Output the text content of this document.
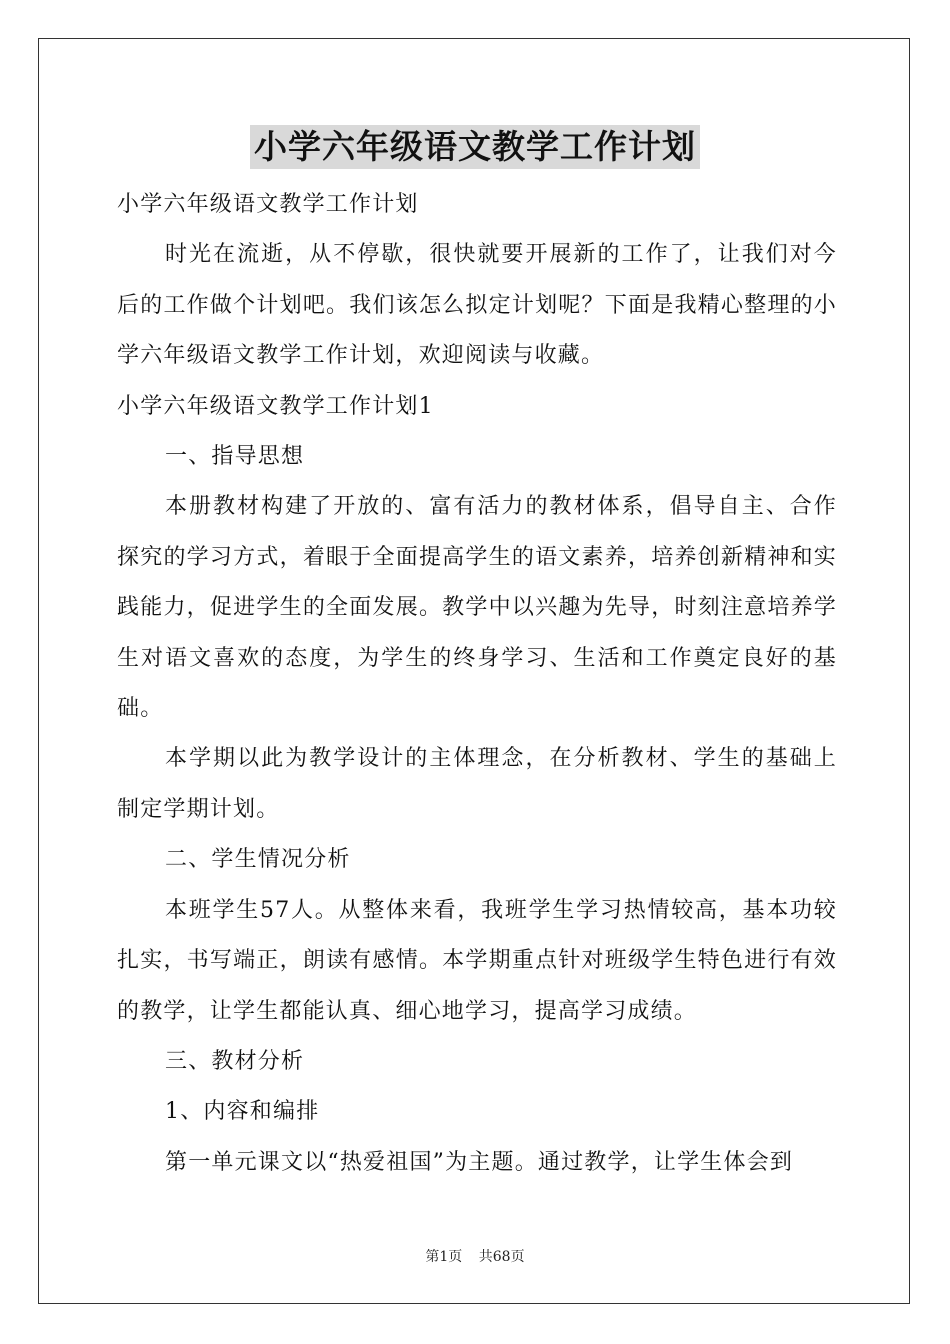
小学六年级语文教学工作计划

小学六年级语文教学工作计划

时光在流逝，从不停歇，很快就要开展新的工作了，让我们对今后的工作做个计划吧。我们该怎么拟定计划呢？下面是我精心整理的小学六年级语文教学工作计划，欢迎阅读与收藏。

小学六年级语文教学工作计划1

一、指导思想

本册教材构建了开放的、富有活力的教材体系，倡导自主、合作探究的学习方式，着眼于全面提高学生的语文素养，培养创新精神和实践能力，促进学生的全面发展。教学中以兴趣为先导，时刻注意培养学生对语文喜欢的态度，为学生的终身学习、生活和工作奠定良好的基础。

本学期以此为教学设计的主体理念，在分析教材、学生的基础上制定学期计划。

二、学生情况分析

本班学生57人。从整体来看，我班学生学习热情较高，基本功较扎实，书写端正，朗读有感情。本学期重点针对班级学生特色进行有效的教学，让学生都能认真、细心地学习，提高学习成绩。

三、教材分析

1、内容和编排

第一单元课文以“热爱祖国”为主题。通过教学，让学生体会到

第1页 共68页
